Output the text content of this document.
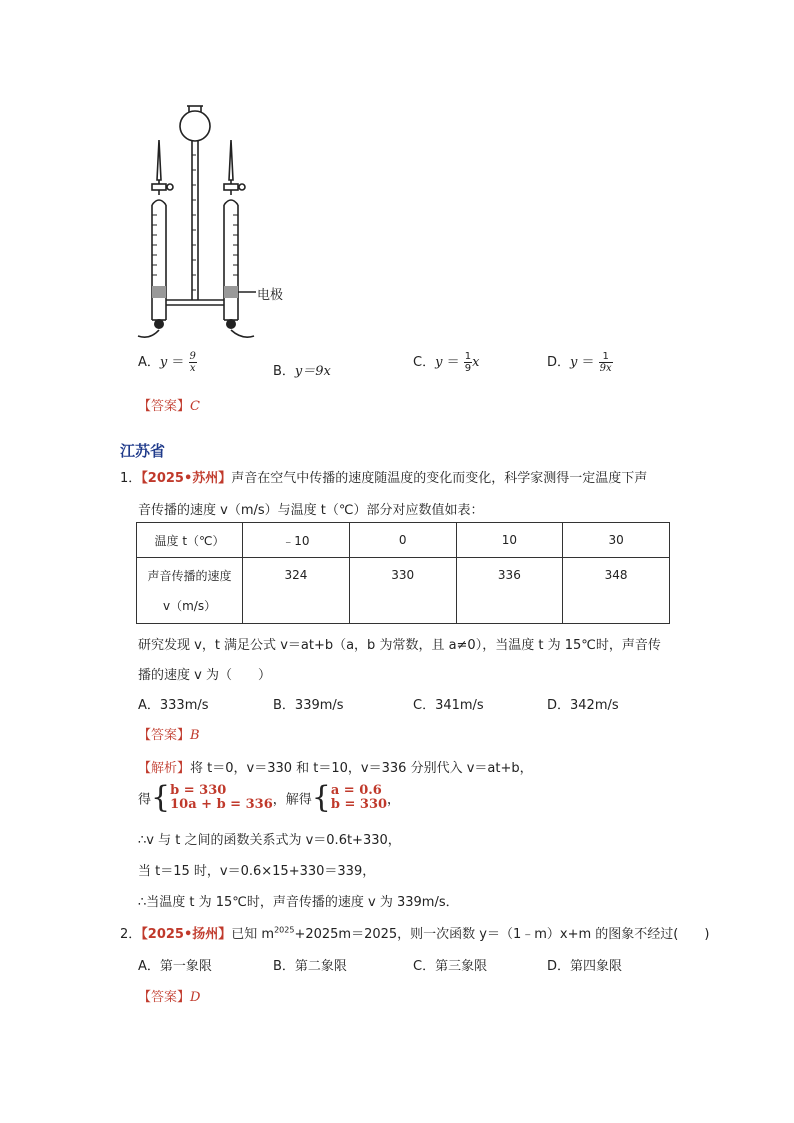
电极
A．$y = \frac{9}{x}$	B．y＝9x
C．$y = \frac{1}{9}$ x	D．$y = \frac{1}{9x}$
【答案】C
江苏省
1．【2025•苏州】声音在空气中传播的速度随温度的变化而变化，科学家测得一定温度下声
音传播的速度 v（m/s）与温度 t（℃）部分对应数值如表：
温度 t（℃）	﹣10	0	10	30

声音传播的速度
v（m/s）	324	330	336	348
研究发现 v，t 满足公式 v＝at+b（a，b 为常数，且 a≠0），当温度 t 为 15℃时，声音传
播的速度 v 为（　　）
A．333m/s	B．339m/s	C．341m/s	D．342m/s
【答案】B
【解析】将 t＝0，v＝330 和 t＝10，v＝336 分别代入 v＝at+b，
得{ b = 330
10a + b = 336 ，解得{ a = 0.6
b = 330 ，
∴v 与 t 之间的函数关系式为 v＝0.6t+330，
当 t＝15 时，v＝0.6×15+330＝339，
∴当温度 t 为 15℃时，声音传播的速度 v 为 339m/s．
2．【2025•扬州】已知 $m^{2025}+2025m=2025$，则一次函数 y＝（1﹣m）x+m 的图象不经过(　　)
A．第一象限	B．第二象限	C．第三象限	D．第四象限
【答案】D
